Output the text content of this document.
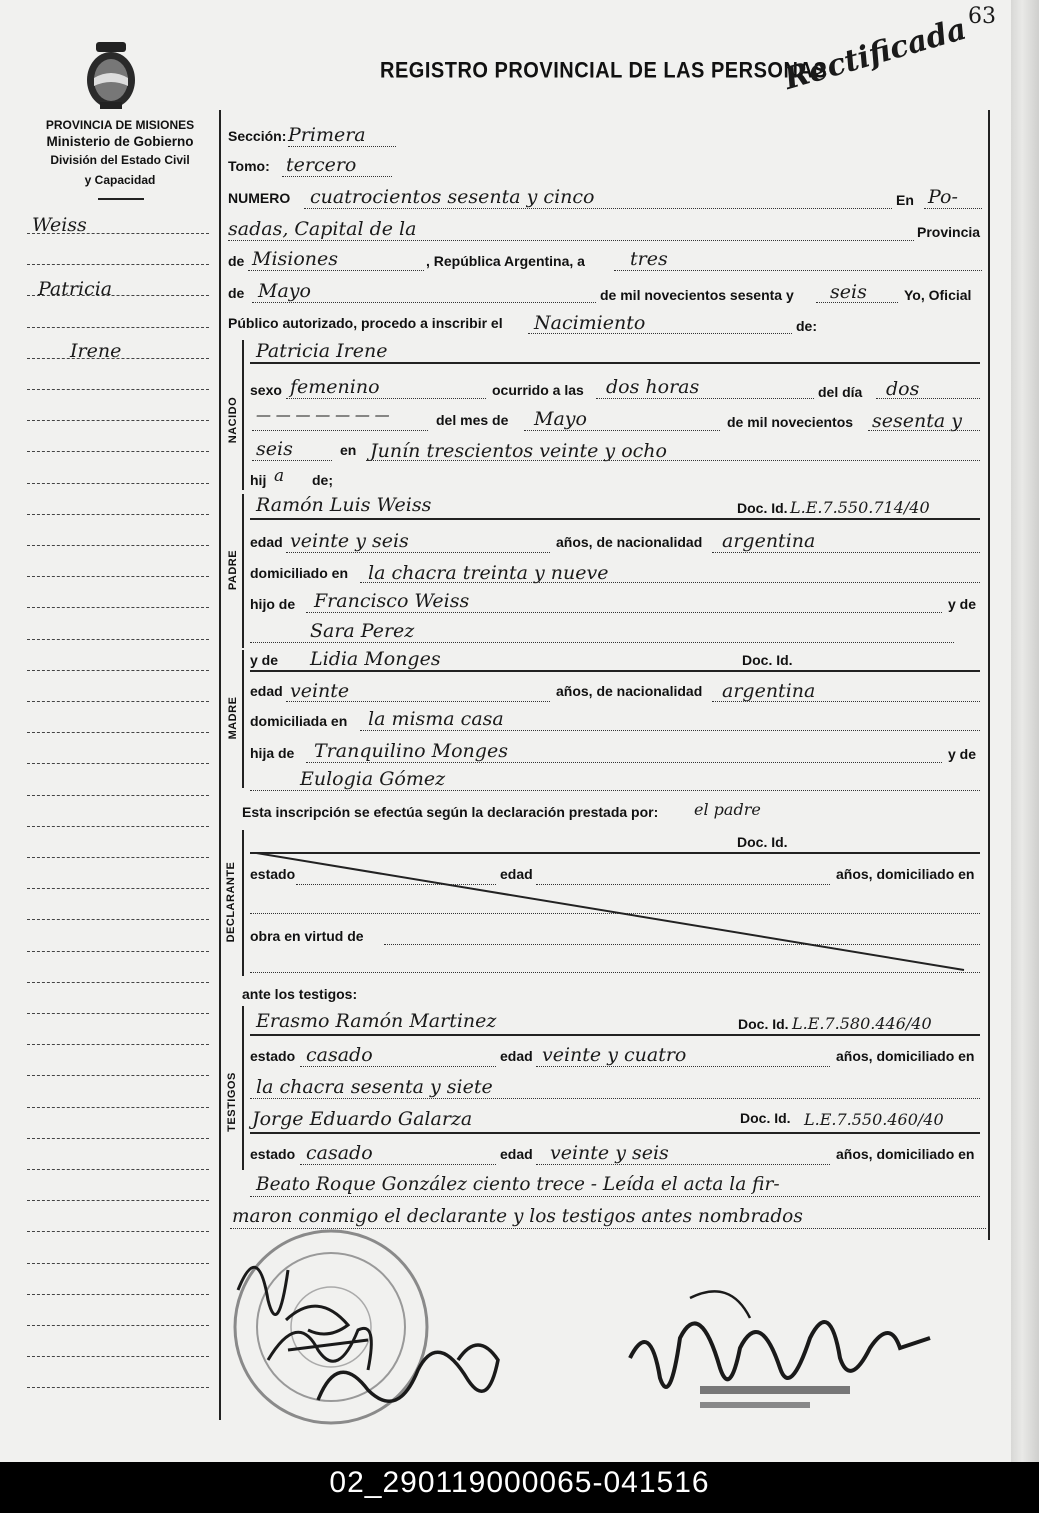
PROVINCIA DE MISIONES
Ministerio de Gobierno
División del Estado Civil
y Capacidad
REGISTRO PROVINCIAL DE LAS PERSONAS
Rectificada
63
Weiss
Patricia
Irene
Sección: Primera
Tomo: tercero
NUMERO cuatrocientos sesenta y cinco	En Po-
sadas, Capital de la	Provincia
de Misiones	, República Argentina, a tres
de Mayo	de mil novecientos sesenta y seis	Yo, Oficial
Público autorizado, procedo a inscribir el Nacimiento	de:
NACIDO
Patricia Irene
sexo femenino	ocurrido a las dos horas	del día dos
— — — — — — —	del mes de Mayo	de mil novecientos sesenta y
seis	en Junín trescientos veinte y ocho
hij a de;
PADRE
Ramón Luis Weiss	Doc. Id. L.E.7.550.714/40
edad veinte y seis	años, de nacionalidad argentina
domiciliado en la chacra treinta y nueve
hijo de Francisco Weiss	y de
Sara Perez
MADRE
y de Lidia Monges	Doc. Id.
edad veinte	años, de nacionalidad argentina
domiciliada en la misma casa
hija de Tranquilino Monges	y de
Eulogia Gómez
Esta inscripción se efectúa según la declaración prestada por: el padre
DECLARANTE
Doc. Id.
estado	edad	años, domiciliado en
obra en virtud de
ante los testigos:
TESTIGOS
Erasmo Ramón Martinez	Doc. Id. L.E.7.580.446/40
estado casado	edad veinte y cuatro	años, domiciliado en
la chacra sesenta y siete
Jorge Eduardo Galarza	Doc. Id. L.E.7.550.460/40
estado casado	edad veinte y seis	años, domiciliado en
Beato Roque González ciento trece - Leída el acta la fir-
maron conmigo el declarante y los testigos antes nombrados
02_290119000065-041516
